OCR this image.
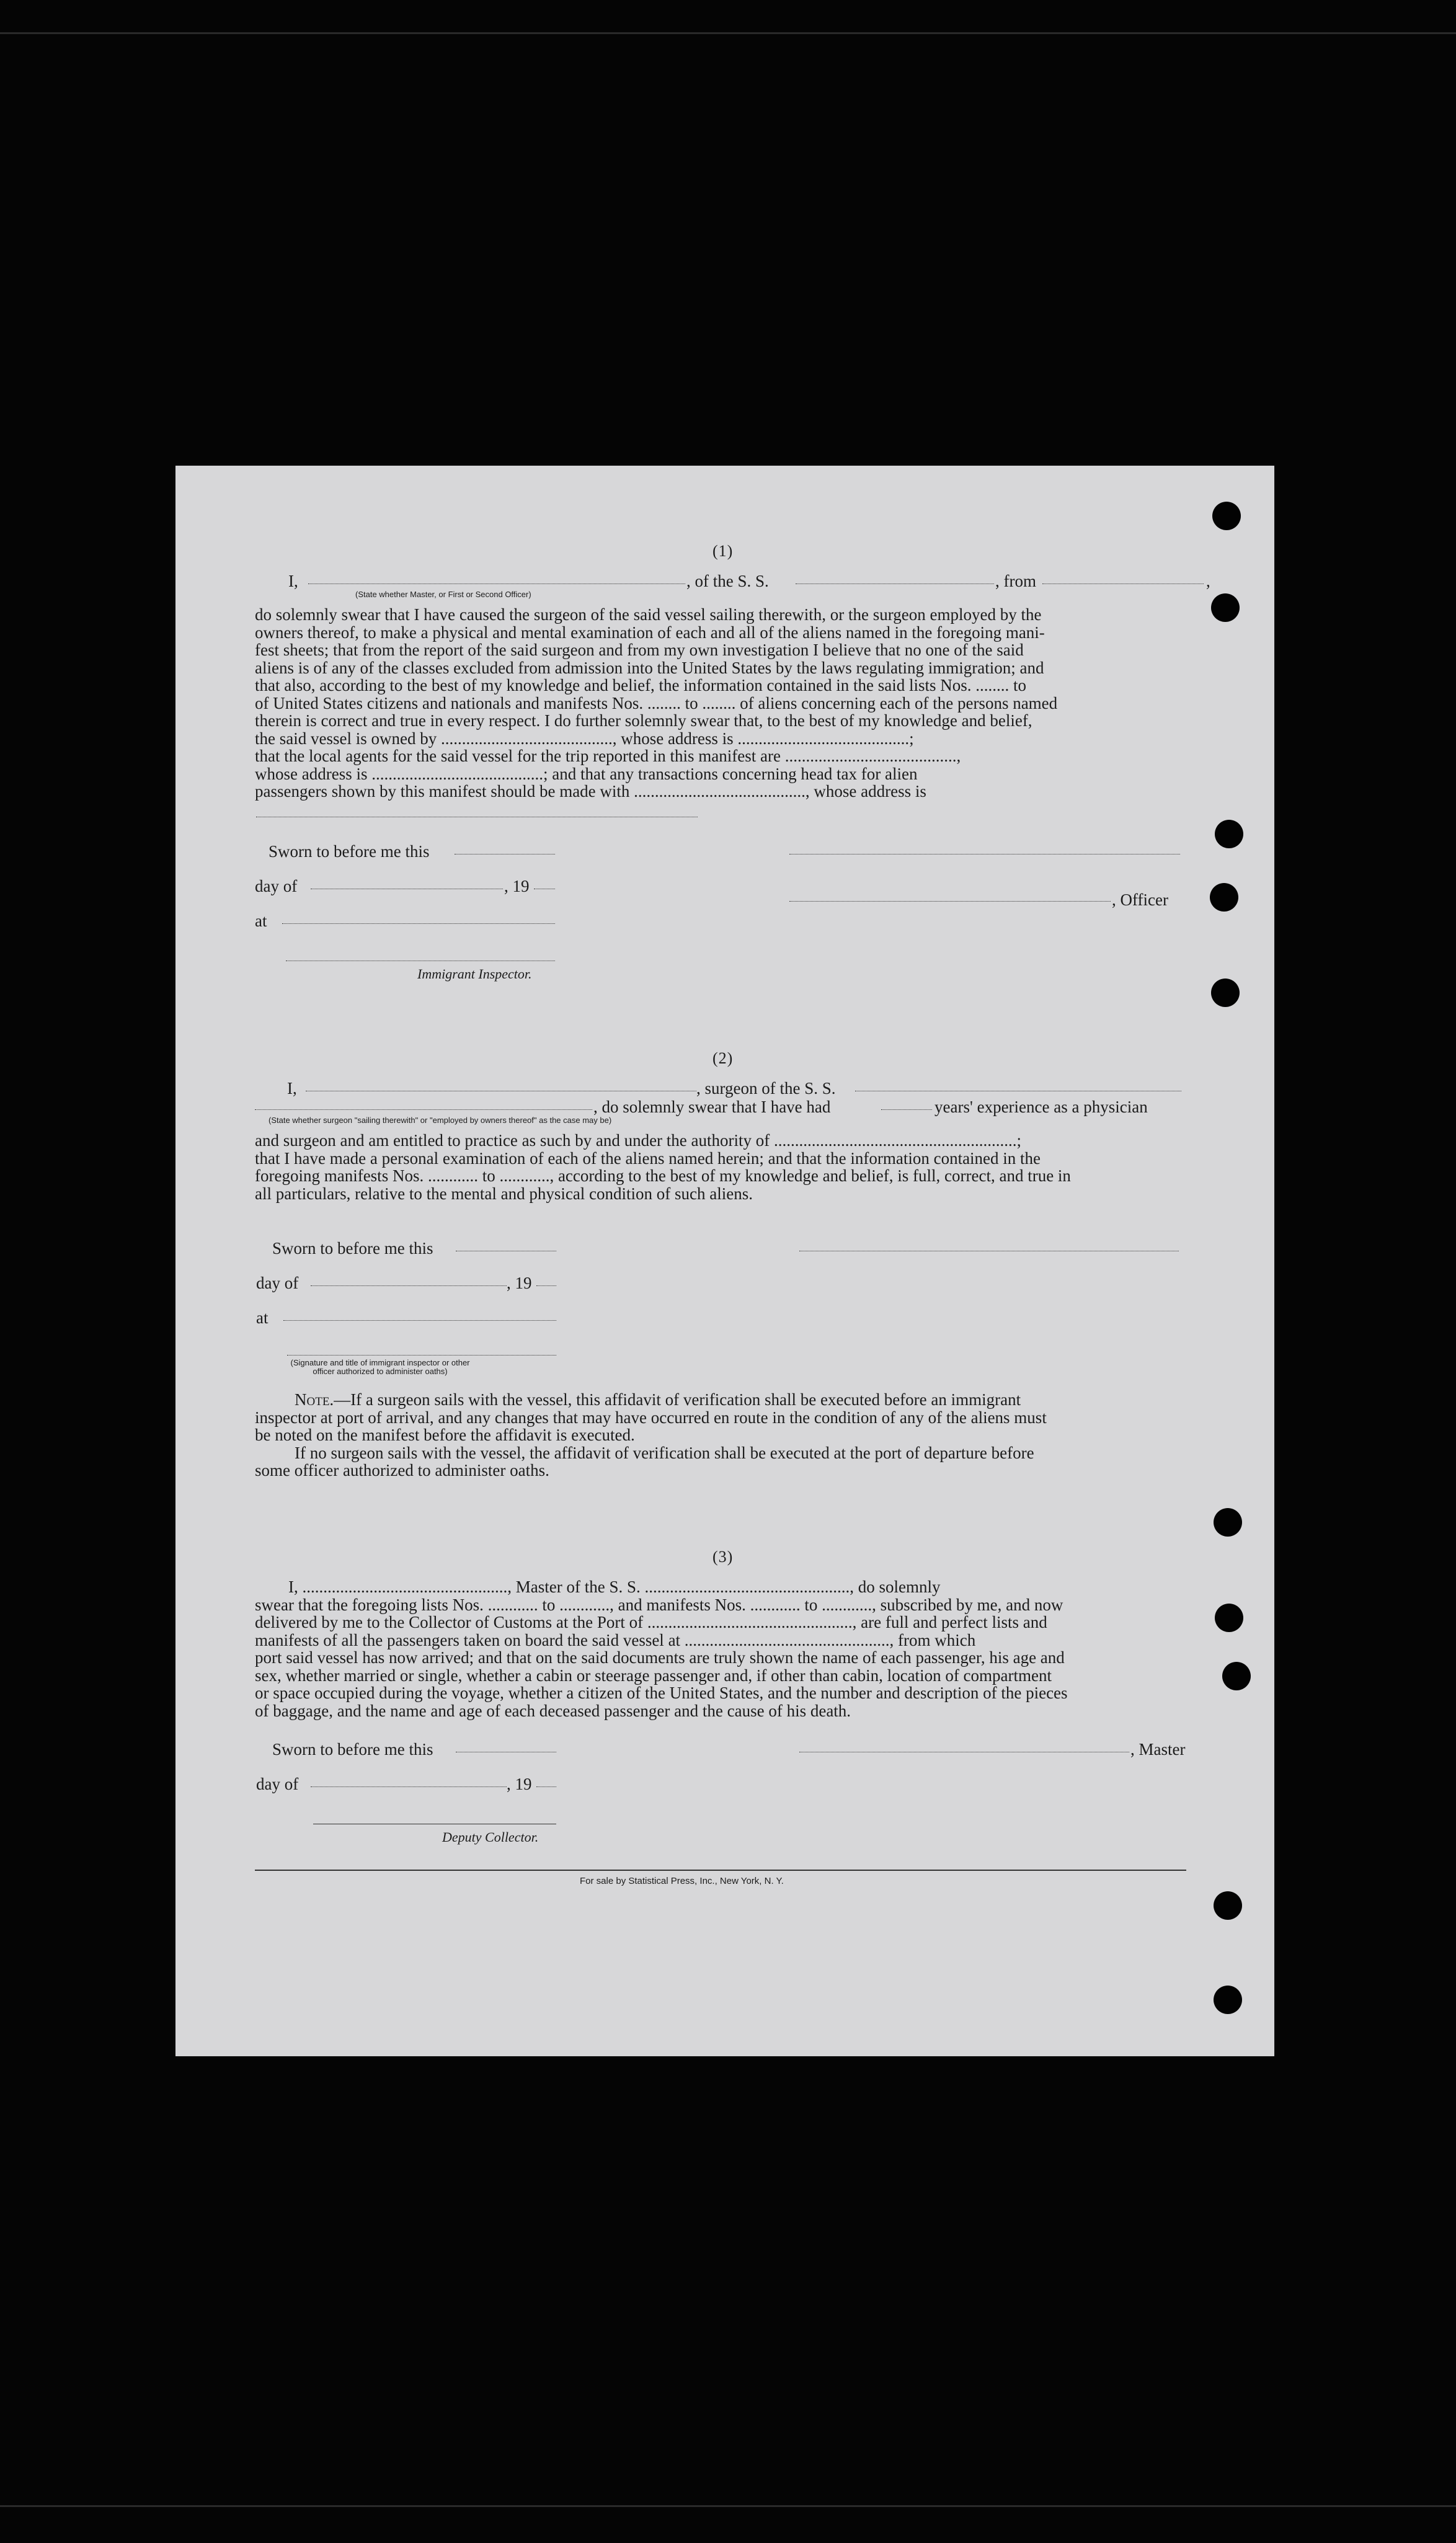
(1)
I,	, of the S. S.	, from	,
(State whether Master, or First or Second Officer)
do solemnly swear that I have caused the surgeon of the said vessel sailing therewith, or the surgeon employed by the
owners thereof, to make a physical and mental examination of each and all of the aliens named in the foregoing mani-
fest sheets; that from the report of the said surgeon and from my own investigation I believe that no one of the said
aliens is of any of the classes excluded from admission into the United States by the laws regulating immigration; and
that also, according to the best of my knowledge and belief, the information contained in the said lists Nos. ........ to
of United States citizens and nationals and manifests Nos. ........ to ........ of aliens concerning each of the persons named
therein is correct and true in every respect. I do further solemnly swear that, to the best of my knowledge and belief,
the said vessel is owned by ........................................., whose address is .........................................;
that the local agents for the said vessel for the trip reported in this manifest are .........................................,
whose address is .........................................; and that any transactions concerning head tax for alien
passengers shown by this manifest should be made with ........................................., whose address is
Sworn to before me this
day of	, 19
at
Immigrant Inspector.
, Officer
(2)
I,	, surgeon of the S. S.
, do solemnly swear that I have had	years' experience as a physician
(State whether surgeon "sailing therewith" or "employed by owners thereof" as the case may be)
and surgeon and am entitled to practice as such by and under the authority of ..........................................................;
that I have made a personal examination of each of the aliens named herein; and that the information contained in the
foregoing manifests Nos. ............ to ............, according to the best of my knowledge and belief, is full, correct, and true in
all particulars, relative to the mental and physical condition of such aliens.
Sworn to before me this
day of	, 19
at
(Signature and title of immigrant inspector or other officer authorized to administer oaths)
Note.—If a surgeon sails with the vessel, this affidavit of verification shall be executed before an immigrant
inspector at port of arrival, and any changes that may have occurred en route in the condition of any of the aliens must
be noted on the manifest before the affidavit is executed.
If no surgeon sails with the vessel, the affidavit of verification shall be executed at the port of departure before
some officer authorized to administer oaths.
(3)
I, ................................................., Master of the S. S. ................................................., do solemnly
swear that the foregoing lists Nos. ............ to ............, and manifests Nos. ............ to ............, subscribed by me, and now
delivered by me to the Collector of Customs at the Port of ................................................., are full and perfect lists and
manifests of all the passengers taken on board the said vessel at ................................................., from which
port said vessel has now arrived; and that on the said documents are truly shown the name of each passenger, his age and
sex, whether married or single, whether a cabin or steerage passenger and, if other than cabin, location of compartment
or space occupied during the voyage, whether a citizen of the United States, and the number and description of the pieces
of baggage, and the name and age of each deceased passenger and the cause of his death.
Sworn to before me this	, Master
day of	, 19
Deputy Collector.
For sale by Statistical Press, Inc., New York, N. Y.
